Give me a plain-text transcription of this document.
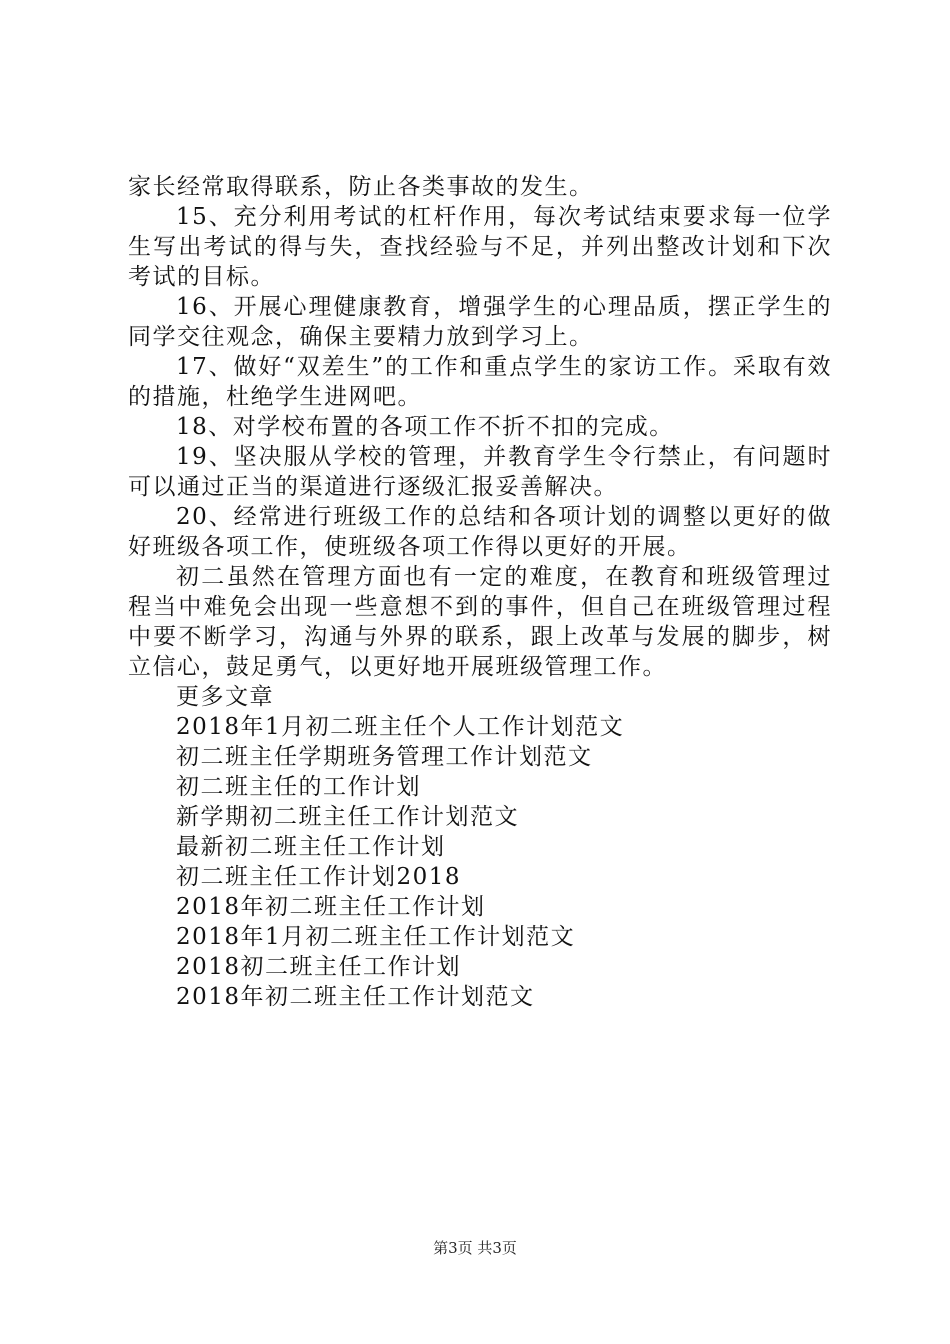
家长经常取得联系，防止各类事故的发生。

15、充分利用考试的杠杆作用，每次考试结束要求每一位学生写出考试的得与失，查找经验与不足，并列出整改计划和下次考试的目标。

16、开展心理健康教育，增强学生的心理品质，摆正学生的同学交往观念，确保主要精力放到学习上。

17、做好“双差生”的工作和重点学生的家访工作。采取有效的措施，杜绝学生进网吧。

18、对学校布置的各项工作不折不扣的完成。

19、坚决服从学校的管理，并教育学生令行禁止，有问题时可以通过正当的渠道进行逐级汇报妥善解决。

20、经常进行班级工作的总结和各项计划的调整以更好的做好班级各项工作，使班级各项工作得以更好的开展。

初二虽然在管理方面也有一定的难度，在教育和班级管理过程当中难免会出现一些意想不到的事件，但自己在班级管理过程中要不断学习，沟通与外界的联系，跟上改革与发展的脚步，树立信心，鼓足勇气，以更好地开展班级管理工作。

更多文章

2018年1月初二班主任个人工作计划范文
初二班主任学期班务管理工作计划范文
初二班主任的工作计划
新学期初二班主任工作计划范文
最新初二班主任工作计划
初二班主任工作计划2018
2018年初二班主任工作计划
2018年1月初二班主任工作计划范文
2018初二班主任工作计划
2018年初二班主任工作计划范文
第3页 共3页
